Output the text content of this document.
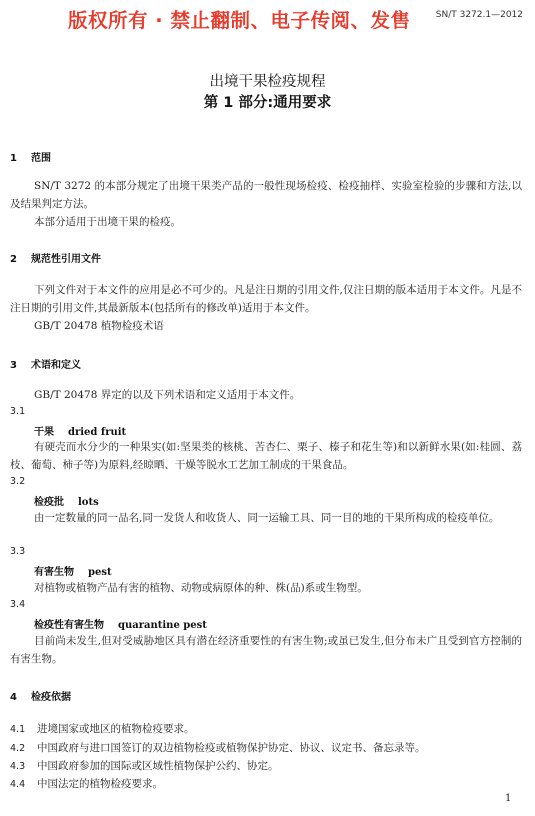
版权所有 · 禁止翻制、电子传阅、发售	SN/T 3272.1—2012
出境干果检疫规程
第 1 部分:通用要求
1 范围

SN/T 3272 的本部分规定了出境干果类产品的一般性现场检疫、检疫抽样、实验室检验的步骤和方法,以及结果判定方法。

本部分适用于出境干果的检疫。

2 规范性引用文件

下列文件对于本文件的应用是必不可少的。凡是注日期的引用文件,仅注日期的版本适用于本文件。凡是不注日期的引用文件,其最新版本(包括所有的修改单)适用于本文件。

GB/T 20478 植物检疫术语
3 术语和定义
GB/T 20478 界定的以及下列术语和定义适用于本文件。
3.1
干果 dried fruit

有硬壳而水分少的一种果实(如:坚果类的核桃、苦杏仁、栗子、榛子和花生等)和以新鲜水果(如:桂圆、荔枝、葡萄、柿子等)为原料,经晾晒、干燥等脱水工艺加工制成的干果食品。

3.2
检疫批 lots

由一定数量的同一品名,同一发货人和收货人、同一运输工具、同一目的地的干果所构成的检疫单位。

3.3
有害生物 pest

对植物或植物产品有害的植物、动物或病原体的种、株(品)系或生物型。

3.4
检疫性有害生物 quarantine pest

目前尚未发生,但对受威胁地区具有潜在经济重要性的有害生物;或虽已发生,但分布未广且受到官方控制的有害生物。

4 检疫依据
4.1 进境国家或地区的植物检疫要求。
4.2 中国政府与进口国签订的双边植物检疫或植物保护协定、协议、议定书、备忘录等。
4.3 中国政府参加的国际或区域性植物保护公约、协定。
4.4 中国法定的植物检疫要求。
1
